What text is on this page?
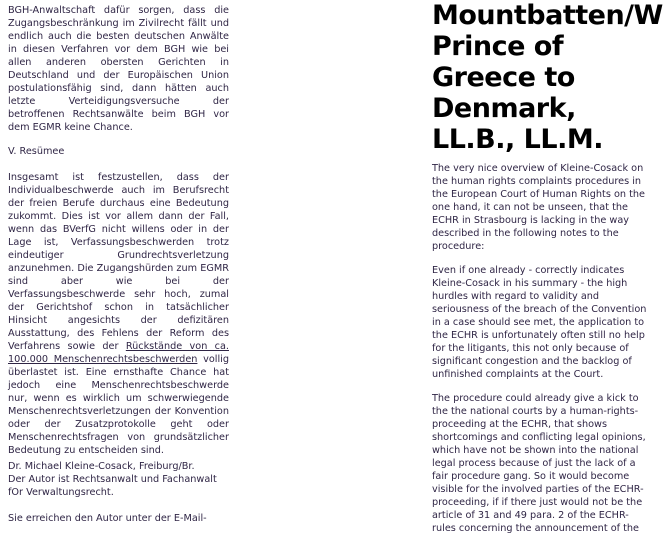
BGH-Anwaltschaft dafür sorgen, dass die
Zugangsbeschränkung im Zivilrecht fällt und
endlich auch die besten deutschen Anwälte
in diesen Verfahren vor dem BGH wie bei
allen anderen obersten Gerichten in
Deutschland und der Europäischen Union
postulationsfähig sind, dann hätten auch
letzte Verteidigungsversuche der
betroffenen Rechtsanwälte beim BGH vor
dem EGMR keine Chance.
V. Resümee
Insgesamt ist festzustellen, dass der
Individualbeschwerde auch im Berufsrecht
der freien Berufe durchaus eine Bedeutung
zukommt. Dies ist vor allem dann der Fall,
wenn das BVerfG nicht willens oder in der
Lage ist, Verfassungsbeschwerden trotz
eindeutiger Grundrechtsverletzung
anzunehmen. Die Zugangshürden zum EGMR
sind aber wie bei der
Verfassungsbeschwerde sehr hoch, zumal
der Gerichtshof schon in tatsächlicher
Hinsicht angesichts der defizitären
Ausstattung, des Fehlens der Reform des
Verfahrens sowie der Rückstände von ca.
100.000 Menschenrechtsbeschwerden vollig
überlastet ist. Eine ernsthafte Chance hat
jedoch eine Menschenrechtsbeschwerde
nur, wenn es wirklich um schwerwiegende
Menschenrechtsverletzungen der Konvention
oder der Zusatzprotokolle geht oder
Menschenrechtsfragen von grundsätzlicher
Bedeutung zu entscheiden sind.
Dr. Michael Kleine-Cosack, Freiburg/Br.
Der Autor ist Rechtsanwalt und Fachanwalt
fOr Verwaltungsrecht.
Sie erreichen den Autor unter der E-Mail-
Mountbatten/W
Prince of
Greece to
Denmark,
LL.B., LL.M.
The very nice overview of Kleine-Cosack on
the human rights complaints procedures in
the European Court of Human Rights on the
one hand, it can not be unseen, that the
ECHR in Strasbourg is lacking in the way
described in the following notes to the
procedure:
Even if one already - correctly indicates
Kleine-Cosack in his summary - the high
hurdles with regard to validity and
seriousness of the breach of the Convention
in a case should see met, the application to
the ECHR is unfortunately often still no help
for the litigants, this not only because of
significant congestion and the backlog of
unfinished complaints at the Court.
The procedure could already give a kick to
the the national courts by a human-rights-
proceeding at the ECHR, that shows
shortcomings and conflicting legal opinions,
which have not be shown into the national
legal process because of just the lack of a
fair procedure gang. So it would become
visible for the involved parties of the ECHR-
proceeding, if if there just would not be the
article of 31 and 49 para. 2 of the ECHR-
rules concerning the announcement of the
